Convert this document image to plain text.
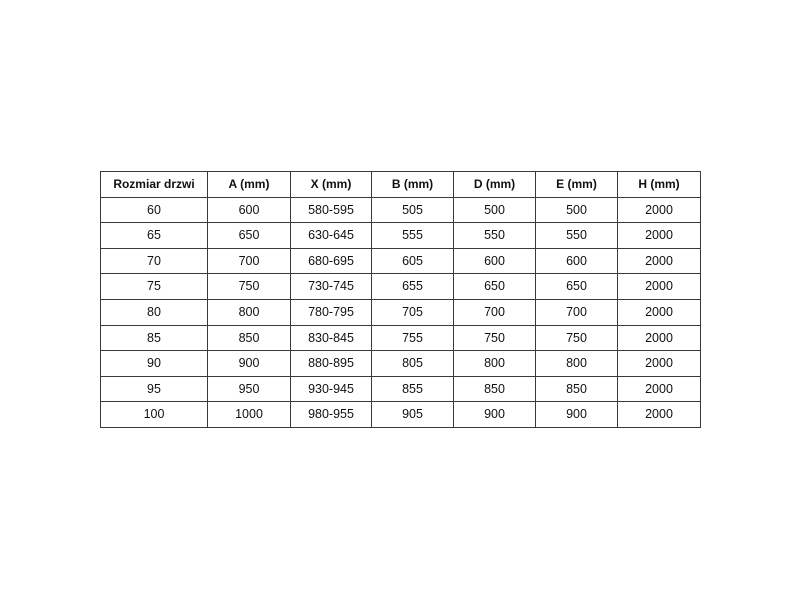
Rozmiar drzwi	A (mm)	X (mm)	B (mm)	D (mm)	E (mm)	H (mm)
60	600	580-595	505	500	500	2000
65	650	630-645	555	550	550	2000
70	700	680-695	605	600	600	2000
75	750	730-745	655	650	650	2000
80	800	780-795	705	700	700	2000
85	850	830-845	755	750	750	2000
90	900	880-895	805	800	800	2000
95	950	930-945	855	850	850	2000
100	1000	980-955	905	900	900	2000
